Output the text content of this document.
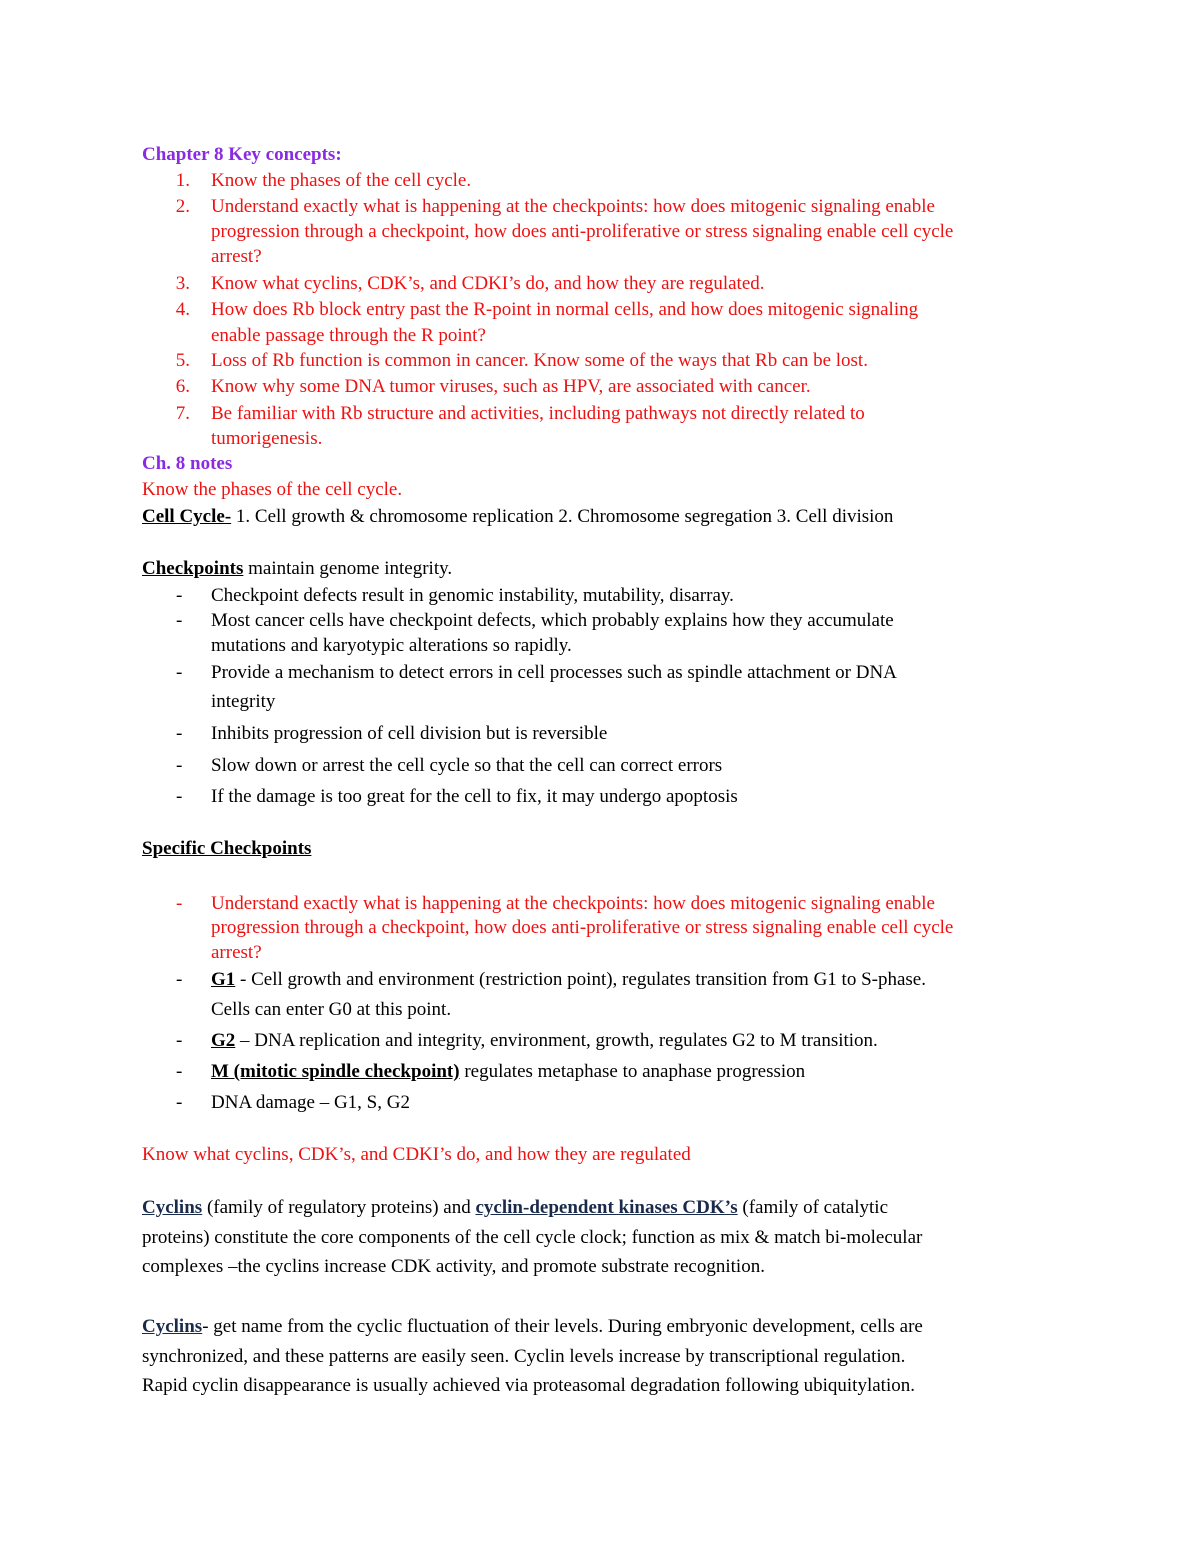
Chapter 8 Key concepts:
1. Know the phases of the cell cycle.
2. Understand exactly what is happening at the checkpoints: how does mitogenic signaling enable
progression through a checkpoint, how does anti-proliferative or stress signaling enable cell cycle
arrest?
3. Know what cyclins, CDK’s, and CDKI’s do, and how they are regulated.
4. How does Rb block entry past the R-point in normal cells, and how does mitogenic signaling
enable passage through the R point?
5. Loss of Rb function is common in cancer. Know some of the ways that Rb can be lost.
6. Know why some DNA tumor viruses, such as HPV, are associated with cancer.
7. Be familiar with Rb structure and activities, including pathways not directly related to
tumorigenesis.
Ch. 8 notes
Know the phases of the cell cycle.
Cell Cycle- 1. Cell growth & chromosome replication 2. Chromosome segregation 3. Cell division
Checkpoints maintain genome integrity.
- Checkpoint defects result in genomic instability, mutability, disarray.
- Most cancer cells have checkpoint defects, which probably explains how they accumulate
mutations and karyotypic alterations so rapidly.
- Provide a mechanism to detect errors in cell processes such as spindle attachment or DNA
integrity
- Inhibits progression of cell division but is reversible
- Slow down or arrest the cell cycle so that the cell can correct errors
- If the damage is too great for the cell to fix, it may undergo apoptosis
Specific Checkpoints
- Understand exactly what is happening at the checkpoints: how does mitogenic signaling enable
progression through a checkpoint, how does anti-proliferative or stress signaling enable cell cycle
arrest?
- G1 - Cell growth and environment (restriction point), regulates transition from G1 to S-phase.
Cells can enter G0 at this point.
- G2 – DNA replication and integrity, environment, growth, regulates G2 to M transition.
- M (mitotic spindle checkpoint) regulates metaphase to anaphase progression
- DNA damage – G1, S, G2
Know what cyclins, CDK’s, and CDKI’s do, and how they are regulated
Cyclins (family of regulatory proteins) and cyclin-dependent kinases CDK’s (family of catalytic
proteins) constitute the core components of the cell cycle clock; function as mix & match bi-molecular
complexes –the cyclins increase CDK activity, and promote substrate recognition.
Cyclins- get name from the cyclic fluctuation of their levels. During embryonic development, cells are
synchronized, and these patterns are easily seen. Cyclin levels increase by transcriptional regulation.
Rapid cyclin disappearance is usually achieved via proteasomal degradation following ubiquitylation.
